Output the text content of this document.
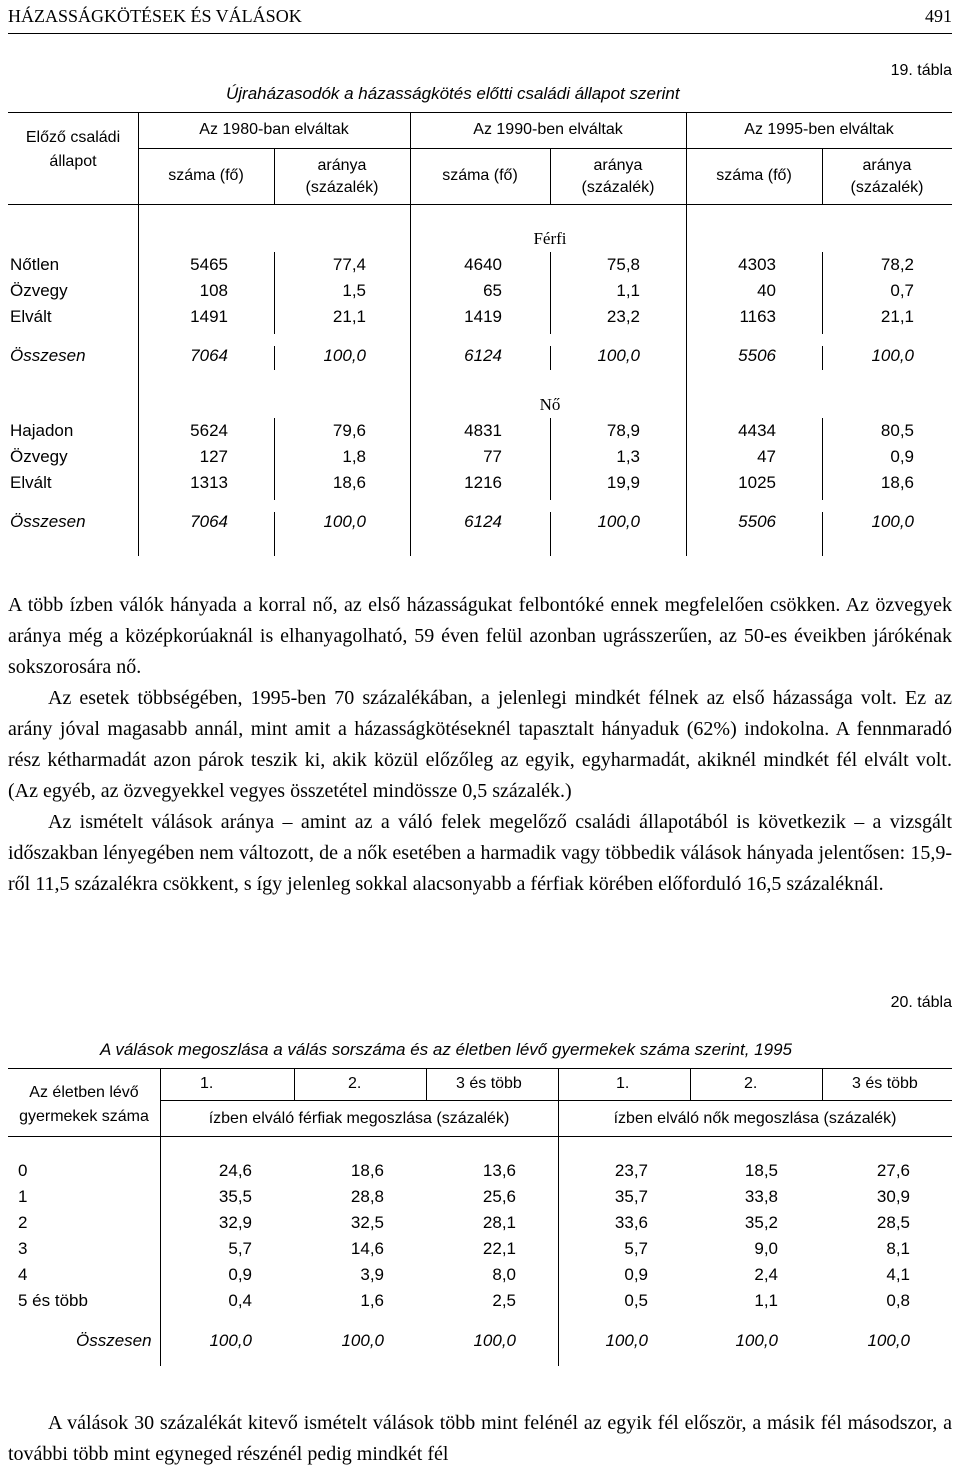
HÁZASSÁGKÖTÉSEK ÉS VÁLÁSOK	491
19. tábla
Újraházasodók a házasságkötés előtti családi állapot szerint
Előző családi
állapot
Az 1980-ban elváltak	Az 1990-ben elváltak	Az 1995-ben elváltak
száma (fő)
aránya
(százalék)
száma (fő)
aránya
(százalék)
száma (fő)
aránya
(százalék)
Férfi
Nőtlen	5465	77,4	4640	75,8	4303	78,2
Özvegy	108	1,5	65	1,1	40	0,7
Elvált	1491	21,1	1419	23,2	1163	21,1
Összesen	7064	100,0	6124	100,0	5506	100,0
Nő
Hajadon	5624	79,6	4831	78,9	4434	80,5
Özvegy	127	1,8	77	1,3	47	0,9
Elvált	1313	18,6	1216	19,9	1025	18,6
Összesen	7064	100,0	6124	100,0	5506	100,0

A több ízben válók hányada a korral nő, az első házasságukat felbontóké ennek megfelelően csökken. Az özvegyek aránya még a középkorúaknál is elhanyagolható, 59 éven felül azonban ugrásszerűen, az 50-es éveikben járókénak sokszorosára nő.

Az esetek többségében, 1995-ben 70 százalékában, a jelenlegi mindkét félnek az első házassága volt. Ez az arány jóval magasabb annál, mint amit a házasságkötéseknél tapasztalt hányaduk (62%) indokolna. A fennmaradó rész kétharmadát azon párok teszik ki, akik közül előzőleg az egyik, egyharmadát, akiknél mindkét fél elvált volt. (Az egyéb, az özvegyekkel vegyes összetétel mindössze 0,5 százalék.)

Az ismételt válások aránya – amint az a váló felek megelőző családi állapotából is következik – a vizsgált időszakban lényegében nem változott, de a nők esetében a harmadik vagy többedik válások hányada jelentősen: 15,9-ről 11,5 százalékra csökkent, s így jelenleg sokkal alacsonyabb a férfiak körében előforduló 16,5 százaléknál.

20. tábla
A válások megoszlása a válás sorszáma és az életben lévő gyermekek száma szerint, 1995
Az életben lévő
gyermekek száma
1.	2.	3 és több	1.	2.	3 és több
ízben elváló férfiak megoszlása (százalék)	ízben elváló nők megoszlása (százalék)
0	24,6	18,6	13,6	23,7	18,5	27,6
1	35,5	28,8	25,6	35,7	33,8	30,9
2	32,9	32,5	28,1	33,6	35,2	28,5
3	5,7	14,6	22,1	5,7	9,0	8,1
4	0,9	3,9	8,0	0,9	2,4	4,1
5 és több	0,4	1,6	2,5	0,5	1,1	0,8
Összesen	100,0	100,0	100,0	100,0	100,0	100,0

A válások 30 százalékát kitevő ismételt válások több mint felénél az egyik fél először, a másik fél másodszor, a további több mint egyneged részénél pedig mindkét fél
